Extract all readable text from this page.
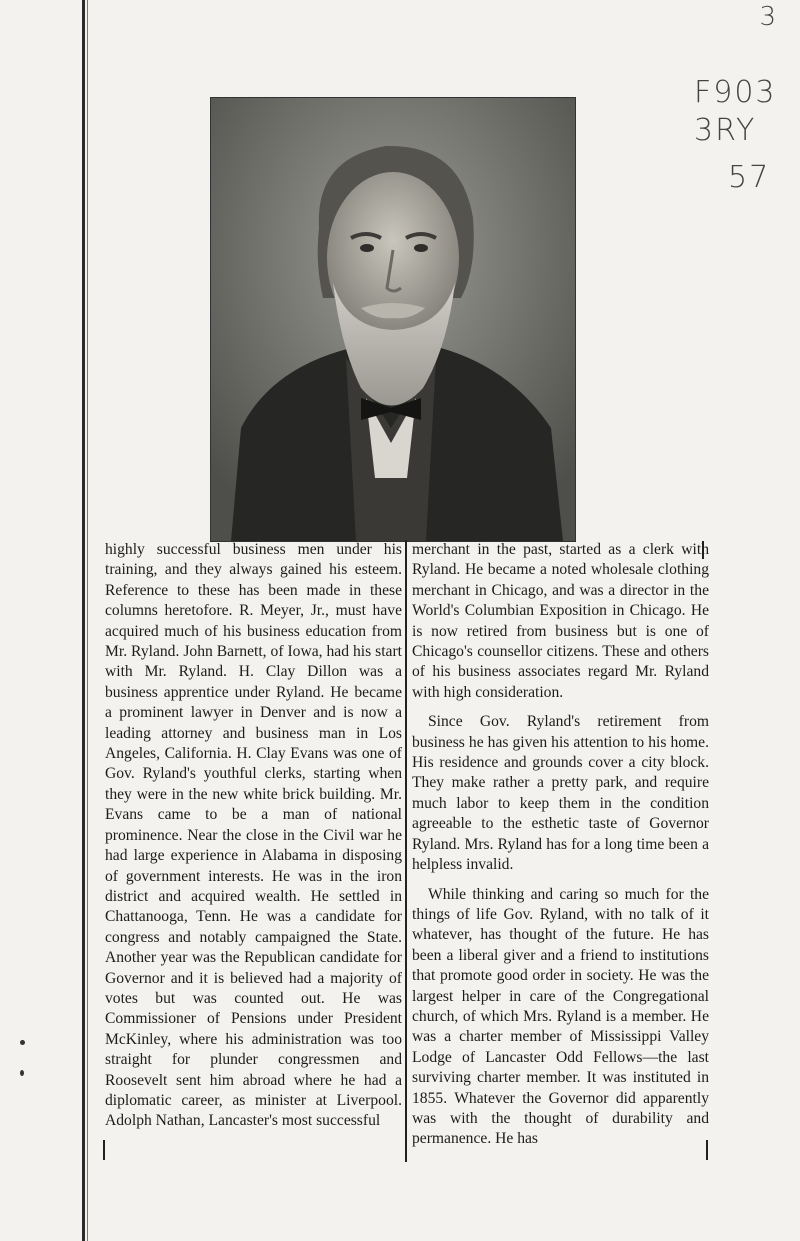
3
F903
3RY
57

highly successful business men under his training, and they always gained his esteem. Reference to these has been made in these columns heretofore. R. Meyer, Jr., must have acquired much of his business education from Mr. Ryland. John Barnett, of Iowa, had his start with Mr. Ryland. H. Clay Dillon was a business apprentice under Ryland. He became a prominent lawyer in Denver and is now a leading attorney and business man in Los Angeles, California. H. Clay Evans was one of Gov. Ryland's youthful clerks, starting when they were in the new white brick building. Mr. Evans came to be a man of national prominence. Near the close in the Civil war he had large experience in Alabama in disposing of government interests. He was in the iron district and acquired wealth. He settled in Chattanooga, Tenn. He was a candidate for congress and notably campaigned the State. Another year was the Republican candidate for Governor and it is believed had a majority of votes but was counted out. He was Commissioner of Pensions under President McKinley, where his administration was too straight for plunder congressmen and Roosevelt sent him abroad where he had a diplomatic career, as minister at Liverpool. Adolph Nathan, Lancaster's most successful

merchant in the past, started as a clerk with Ryland. He became a noted wholesale clothing merchant in Chicago, and was a director in the World's Columbian Exposition in Chicago. He is now retired from business but is one of Chicago's counsellor citizens. These and others of his business associates regard Mr. Ryland with high consideration.

Since Gov. Ryland's retirement from business he has given his attention to his home. His residence and grounds cover a city block. They make rather a pretty park, and require much labor to keep them in the condition agreeable to the esthetic taste of Governor Ryland. Mrs. Ryland has for a long time been a helpless invalid.

While thinking and caring so much for the things of life Gov. Ryland, with no talk of it whatever, has thought of the future. He has been a liberal giver and a friend to institutions that promote good order in society. He was the largest helper in care of the Congregational church, of which Mrs. Ryland is a member. He was a charter member of Mississippi Valley Lodge of Lancaster Odd Fellows—the last surviving charter member. It was instituted in 1855. Whatever the Governor did apparently was with the thought of durability and permanence. He has
